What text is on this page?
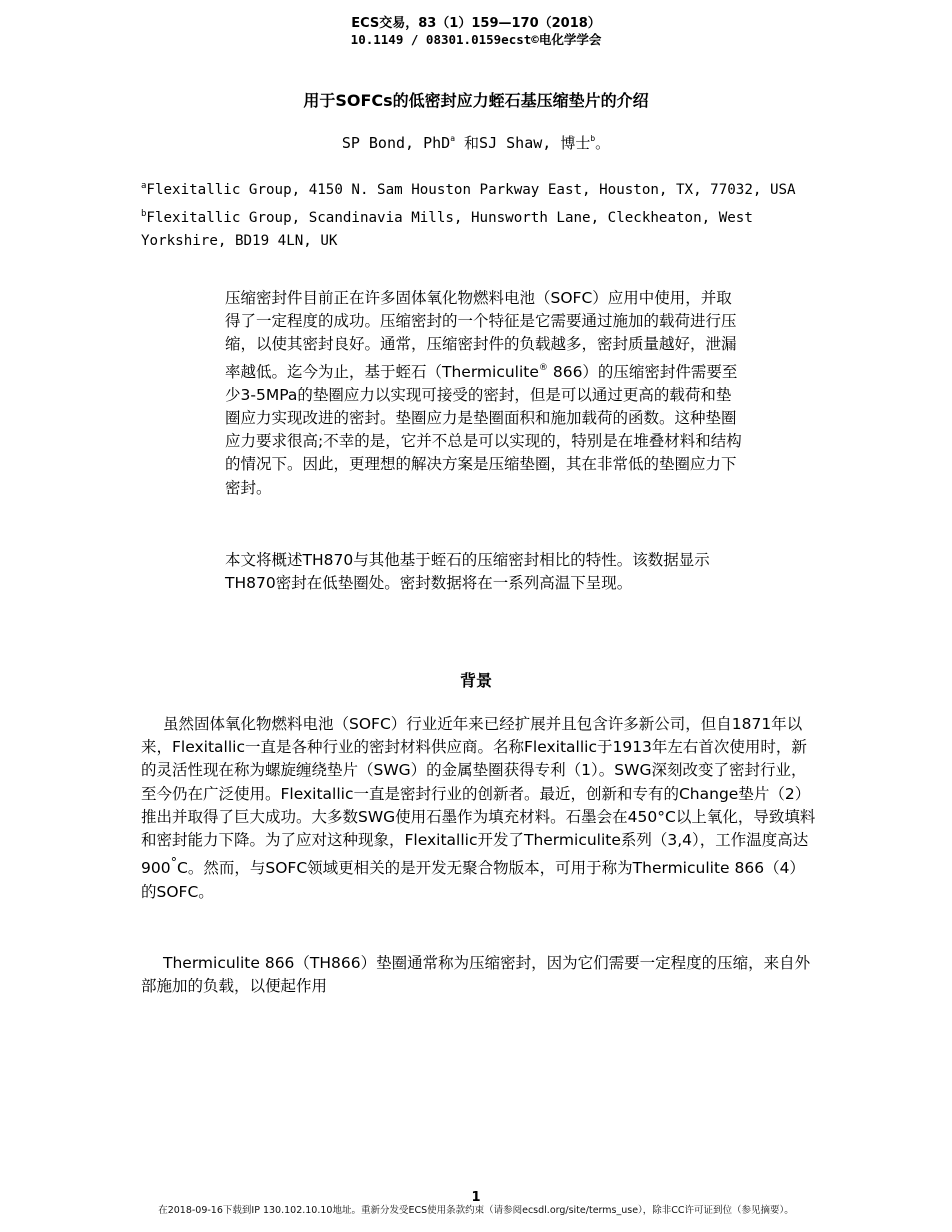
ECS交易，83（1）159—170（2018）
10.1149 / 08301.0159ecst©电化学学会
用于SOFCs的低密封应力蛭石基压缩垫片的介绍
SP Bond, PhD$^a$ 和SJ Shaw, 博士$^b$。
$^a$Flexitallic Group, 4150 N. Sam Houston Parkway East, Houston, TX, 77032, USA $^b$Flexitallic Group, Scandinavia Mills, Hunsworth Lane, Cleckheaton, West Yorkshire, BD19 4LN, UK
压缩密封件目前正在许多固体氧化物燃料电池（SOFC）应用中使用，并取得了一定程度的成功。压缩密封的一个特征是它需要通过施加的载荷进行压缩，以使其密封良好。通常，压缩密封件的负载越多，密封质量越好，泄漏率越低。迄今为止，基于蛭石（Thermiculite® 866）的压缩密封件需要至少3-5MPa的垫圈应力以实现可接受的密封，但是可以通过更高的载荷和垫圈应力实现改进的密封。垫圈应力是垫圈面积和施加载荷的函数。这种垫圈应力要求很高;不幸的是，它并不总是可以实现的，特别是在堆叠材料和结构的情况下。因此，更理想的解决方案是压缩垫圈，其在非常低的垫圈应力下密封。
本文将概述TH870与其他基于蛭石的压缩密封相比的特性。该数据显示TH870密封在低垫圈处。密封数据将在一系列高温下呈现。
背景
虽然固体氧化物燃料电池（SOFC）行业近年来已经扩展并且包含许多新公司，但自1871年以来，Flexitallic一直是各种行业的密封材料供应商。名称Flexitallic于1913年左右首次使用时，新的灵活性现在称为螺旋缠绕垫片（SWG）的金属垫圈获得专利（1）。SWG深刻改变了密封行业，至今仍在广泛使用。Flexitallic一直是密封行业的创新者。最近，创新和专有的Change垫片（2）推出并取得了巨大成功。大多数SWG使用石墨作为填充材料。石墨会在450°C以上氧化，导致填料和密封能力下降。为了应对这种现象，Flexitallic开发了Thermiculite系列（3,4），工作温度高达900°C。然而，与SOFC领域更相关的是开发无聚合物版本，可用于称为Thermiculite 866（4）的SOFC。
Thermiculite 866（TH866）垫圈通常称为压缩密封，因为它们需要一定程度的压缩，来自外部施加的负载，以便起作用
1
在2018-09-16下载到IP 130.102.10.10地址。重新分发受ECS使用条款约束（请参阅ecsdl.org/site/terms_use），除非CC许可证到位（参见摘要）。
